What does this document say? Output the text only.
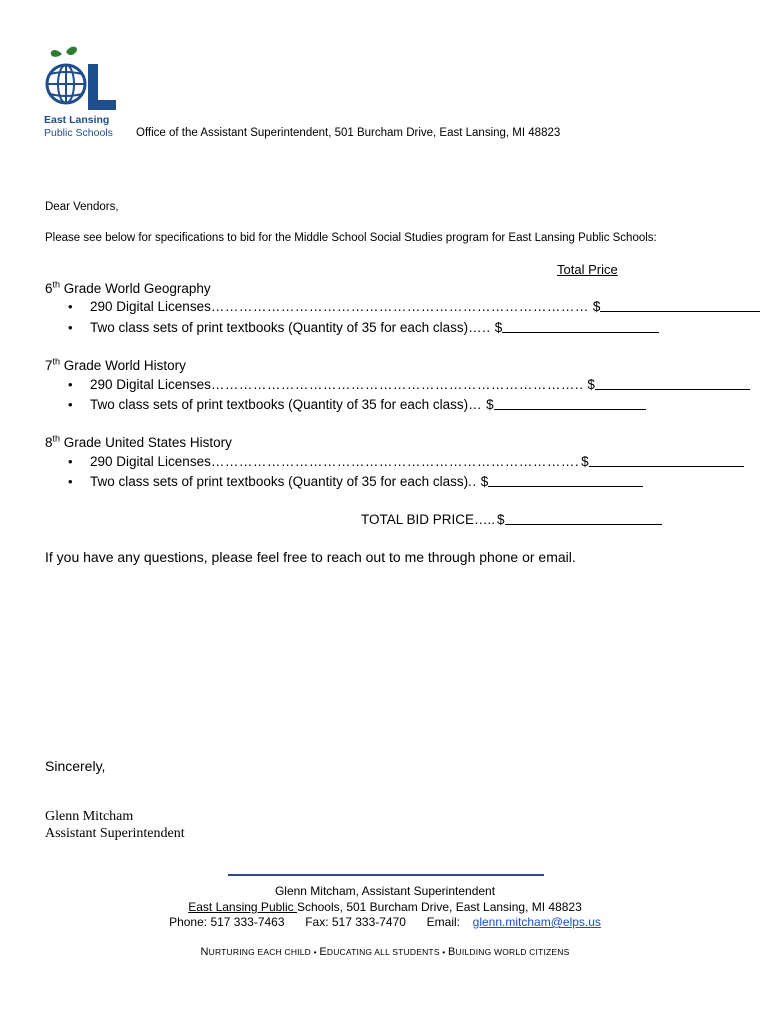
East Lansing
Public Schools	Office of the Assistant Superintendent, 501 Burcham Drive, East Lansing, MI 48823
Dear Vendors,
Please see below for specifications to bid for the Middle School Social Studies program for East Lansing Public Schools:
Total Price
6th Grade World Geography
•	290 Digital Licenses ……………………………………………………………………… $
•	Two class sets of print textbooks (Quantity of 35 for each class) ….. $
7th Grade World History
•	290 Digital Licenses …………………………………………………………………….. $
•	Two class sets of print textbooks (Quantity of 35 for each class) … $
8th Grade United States History
•	290 Digital Licenses ……………………………………………………………………. $
•	Two class sets of print textbooks (Quantity of 35 for each class) .. $
TOTAL BID PRICE ….. $
If you have any questions, please feel free to reach out to me through phone or email.
Sincerely,
Glenn Mitcham
Assistant Superintendent
Glenn Mitcham, Assistant Superintendent
East Lansing Public Schools, 501 Burcham Drive, East Lansing, MI 48823
Phone: 517 333-7463 Fax: 517 333-7470 Email: glenn.mitcham@elps.us
NURTURING EACH CHILD • EDUCATING ALL STUDENTS • BUILDING WORLD CITIZENS
